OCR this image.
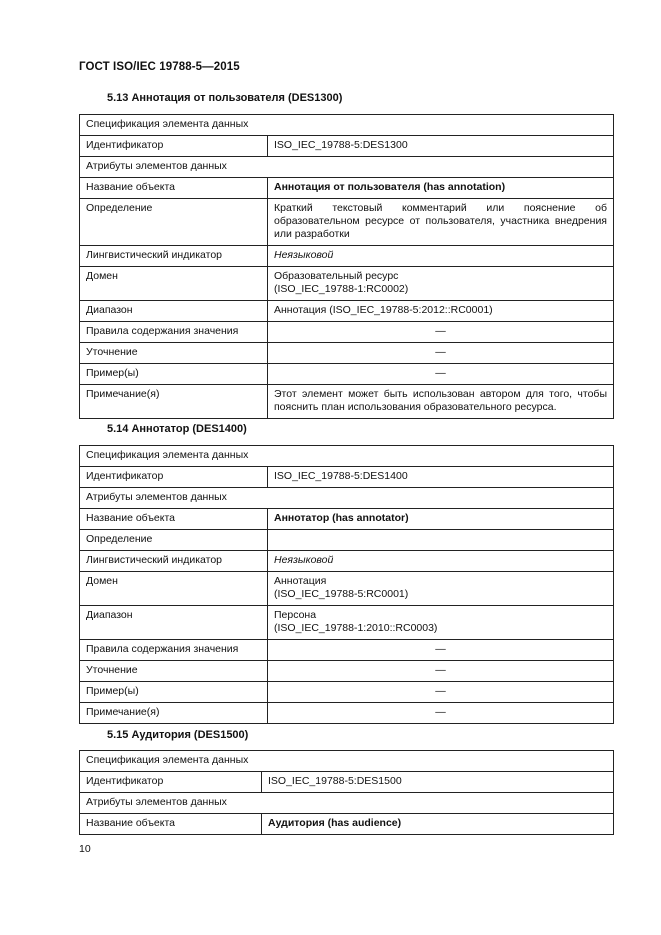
ГОСТ ISO/IEC 19788-5—2015
5.13 Аннотация от пользователя (DES1300)
Спецификация элемента данных	
Идентификатор	ISO_IEC_19788-5:DES1300
Атрибуты элементов данных	
Название объекта	Аннотация от пользователя (has annotation)
Определение	Краткий текстовый комментарий или пояснение об образовательном ресурсе от пользователя, участника внедрения или разработки
Лингвистический индикатор	Неязыковой
Домен	Образовательный ресурс
(ISO_IEC_19788-1:RC0002)

Диапазон	Аннотация (ISO_IEC_19788-5:2012::RC0001)
Правила содержания значения	—
Уточнение	—
Пример(ы)	—
Примечание(я)	Этот элемент может быть использован автором для того, чтобы пояснить план использования образовательного ресурса.
5.14 Аннотатор (DES1400)
Спецификация элемента данных	
Идентификатор	ISO_IEC_19788-5:DES1400
Атрибуты элементов данных	
Название объекта	Аннотатор (has annotator)
Определение	
Лингвистический индикатор	Неязыковой
Домен	Аннотация
(ISO_IEC_19788-5:RC0001)

Диапазон	Персона
(ISO_IEC_19788-1:2010::RC0003)

Правила содержания значения	—
Уточнение	—
Пример(ы)	—
Примечание(я)	—
5.15 Аудитория (DES1500)
Спецификация элемента данных	
Идентификатор	ISO_IEC_19788-5:DES1500
Атрибуты элементов данных	
Название объекта	Аудитория (has audience)
10
